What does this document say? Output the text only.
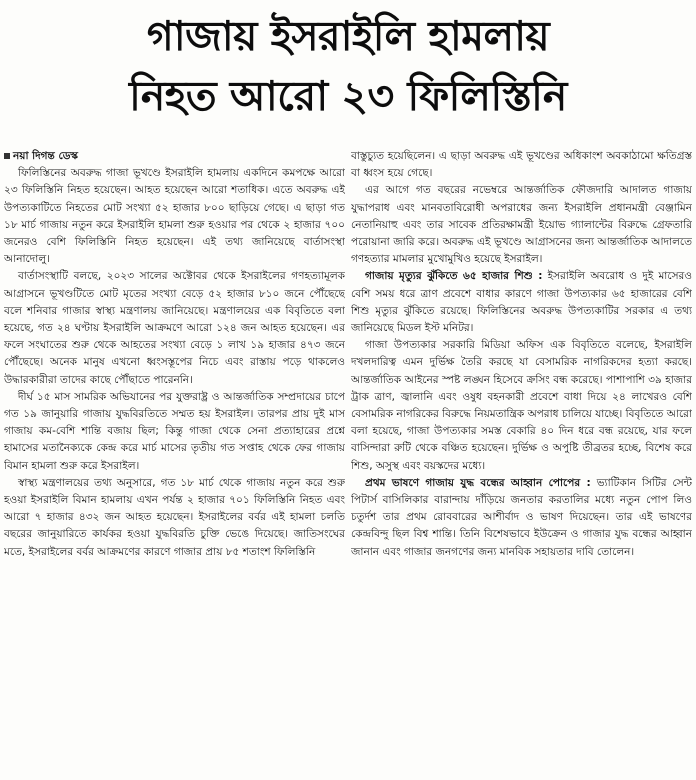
গাজায় ইসরাইলি হামলায়
নিহত আরো ২৩ ফিলিস্তিনি

নয়া দিগন্ত ডেস্ক

ফিলিস্তিনের অবরুদ্ধ গাজা ভূখণ্ডে ইসরাইলি হামলায় একদিনে কমপক্ষে আরো ২৩ ফিলিস্তিনি নিহত হয়েছেন। আহত হয়েছেন আরো শতাধিক। এতে অবরুদ্ধ এই উপত্যকাটিতে নিহতের মোট সংখ্যা ৫২ হাজার ৮০০ ছাড়িয়ে গেছে। এ ছাড়া গত ১৮ মার্চ গাজায় নতুন করে ইসরাইলি হামলা শুরু হওয়ার পর থেকে ২ হাজার ৭০০ জনেরও বেশি ফিলিস্তিনি নিহত হয়েছেন। এই তথ্য জানিয়েছে বার্তাসংস্থা আনাদোলু।

বার্তাসংস্থাটি বলছে, ২০২৩ সালের অক্টোবর থেকে ইসরাইলের গণহত্যামূলক আগ্রাসনে ভূখণ্ডটিতে মোট মৃতের সংখ্যা বেড়ে ৫২ হাজার ৮১০ জনে পৌঁছেছে বলে শনিবার গাজার স্বাস্থ্য মন্ত্রণালয় জানিয়েছে। মন্ত্রণালয়ের এক বিবৃতিতে বলা হয়েছে, গত ২৪ ঘণ্টায় ইসরাইলি আক্রমণে আরো ১২৪ জন আহত হয়েছেন। এর ফলে সংঘাতের শুরু থেকে আহতের সংখ্যা বেড়ে ১ লাখ ১৯ হাজার ৪৭৩ জনে পৌঁছেছে। অনেক মানুষ এখনো ধ্বংসস্তূপের নিচে এবং রাস্তায় পড়ে থাকলেও উদ্ধারকারীরা তাদের কাছে পৌঁছাতে পারেননি।

দীর্ঘ ১৫ মাস সামরিক অভিযানের পর যুক্তরাষ্ট্র ও আন্তর্জাতিক সম্প্রদায়ের চাপে গত ১৯ জানুয়ারি গাজায় যুদ্ধবিরতিতে সম্মত হয় ইসরাইল। তারপর প্রায় দুই মাস গাজায় কম-বেশি শান্তি বজায় ছিল; কিন্তু গাজা থেকে সেনা প্রত্যাহারের প্রশ্নে হামাসের মতানৈক্যকে কেন্দ্র করে মার্চ মাসের তৃতীয় গত সপ্তাহ থেকে ফের গাজায় বিমান হামলা শুরু করে ইসরাইল।

স্বাস্থ্য মন্ত্রণালয়ের তথ্য অনুসারে, গত ১৮ মার্চ থেকে গাজায় নতুন করে শুরু হওয়া ইসরাইলি বিমান হামলায় এখন পর্যন্ত ২ হাজার ৭০১ ফিলিস্তিনি নিহত এবং আরো ৭ হাজার ৪৩২ জন আহত হয়েছেন। ইসরাইলের বর্বর এই হামলা চলতি বছরের জানুয়ারিতে কার্যকর হওয়া যুদ্ধবিরতি চুক্তি ভেঙে দিয়েছে। জাতিসংঘের মতে, ইসরাইলের বর্বর আক্রমণের কারণে গাজার প্রায় ৮৫ শতাংশ ফিলিস্তিনি

বাস্তুচ্যুত হয়েছিলেন। এ ছাড়া অবরুদ্ধ এই ভূখণ্ডের অধিকাংশ অবকাঠামো ক্ষতিগ্রস্ত বা ধ্বংস হয়ে গেছে।

এর আগে গত বছরের নভেম্বরে আন্তর্জাতিক ফৌজদারি আদালত গাজায় যুদ্ধাপরাধ এবং মানবতাবিরোধী অপরাধের জন্য ইসরাইলি প্রধানমন্ত্রী বেঞ্জামিন নেতানিয়াহু এবং তার সাবেক প্রতিরক্ষামন্ত্রী ইয়োভ গ্যালান্টের বিরুদ্ধে গ্রেফতারি পরোয়ানা জারি করে। অবরুদ্ধ এই ভূখণ্ডে আগ্রাসনের জন্য আন্তর্জাতিক আদালতে গণহত্যার মামলার মুখোমুখিও হয়েছে ইসরাইল।

গাজায় মৃত্যুর ঝুঁকিতে ৬৫ হাজার শিশু : ইসরাইলি অবরোধ ও দুই মাসেরও বেশি সময় ধরে ত্রাণ প্রবেশে বাধার কারণে গাজা উপত্যকার ৬৫ হাজারের বেশি শিশু মৃত্যুর ঝুঁকিতে রয়েছে। ফিলিস্তিনের অবরুদ্ধ উপত্যকাটির সরকার এ তথ্য জানিয়েছে মিডল ইস্ট মনিটর।

গাজা উপত্যকার সরকারি মিডিয়া অফিস এক বিবৃতিতে বলেছে, ইসরাইলি দখলদারিত্ব এমন দুর্ভিক্ষ তৈরি করছে যা বেসামরিক নাগরিকদের হত্যা করছে। আন্তর্জাতিক আইনের স্পষ্ট লঙ্ঘন হিসেবে ক্রসিং বন্ধ করেছে। পাশাপাশি ৩৯ হাজার ট্রাক ত্রাণ, জ্বালানি এবং ওষুধ বহনকারী প্রবেশে বাধা দিয়ে ২৪ লাখেরও বেশি বেসামরিক নাগরিকের বিরুদ্ধে নিয়মতান্ত্রিক অপরাধ চালিয়ে যাচ্ছে। বিবৃতিতে আরো বলা হয়েছে, গাজা উপত্যকার সমস্ত বেকারি ৪০ দিন ধরে বন্ধ রয়েছে, যার ফলে বাসিন্দারা রুটি থেকে বঞ্চিত হয়েছেন। দুর্ভিক্ষ ও অপুষ্টি তীব্রতর হচ্ছে, বিশেষ করে শিশু, অসুস্থ এবং বয়স্কদের মধ্যে।

প্রথম ভাষণে গাজায় যুদ্ধ বন্ধের আহ্বান পোপের : ভ্যাটিকান সিটির সেন্ট পিটার্স বাসিলিকার বারান্দায় দাঁড়িয়ে জনতার করতালির মধ্যে নতুন পোপ লিও চতুর্দশ তার প্রথম রোববারের আশীর্বাদ ও ভাষণ দিয়েছেন। তার এই ভাষণের কেন্দ্রবিন্দু ছিল বিশ্ব শান্তি। তিনি বিশেষভাবে ইউক্রেন ও গাজার যুদ্ধ বন্ধের আহ্বান জানান এবং গাজার জনগণের জন্য মানবিক সহায়তার দাবি তোলেন।
